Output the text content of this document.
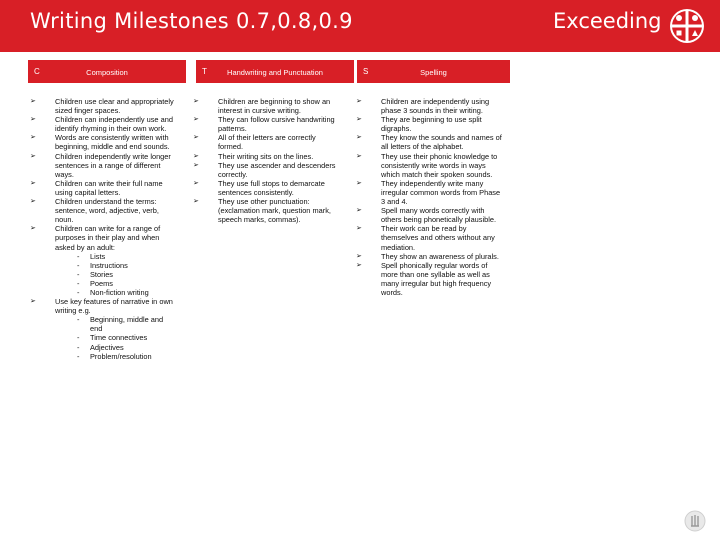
Writing Milestones 0.7,0.8,0.9	Exceeding
C	Composition	T	Handwriting and Punctuation	S	Spelling
➢ Children use clear and appropriately sized finger spaces.
➢ Children can independently use and identify rhyming in their own work.
➢ Words are consistently written with beginning, middle and end sounds.
➢ Children independently write longer sentences in a range of different ways.
➢ Children can write their full name using capital letters.
➢ Children understand the terms: sentence, word, adjective, verb, noun.
➢ Children can write for a range of purposes in their play and when asked by an adult:
- Lists
- Instructions
- Stories
- Poems
- Non-fiction writing
➢ Use key features of narrative in own writing e.g.
- Beginning, middle and end
- Time connectives
- Adjectives
- Problem/resolution
➢ Children are beginning to show an interest in cursive writing.
➢ They can follow cursive handwriting patterns.
➢ All of their letters are correctly formed.
➢ Their writing sits on the lines.
➢ They use ascender and descenders correctly.
➢ They use full stops to demarcate sentences consistently.
➢ They use other punctuation: (exclamation mark, question mark, speech marks, commas).
➢ Children are independently using phase 3 sounds in their writing.
➢ They are beginning to use split digraphs.
➢ They know the sounds and names of all letters of the alphabet.
➢ They use their phonic knowledge to consistently write words in ways which match their spoken sounds.
➢ They independently write many irregular common words from Phase 3 and 4.
➢ Spell many words correctly with others being phonetically plausible.
➢ Their work can be read by themselves and others without any mediation.
➢ They show an awareness of plurals.
➢ Spell phonically regular words of more than one syllable as well as many irregular but high frequency words.
